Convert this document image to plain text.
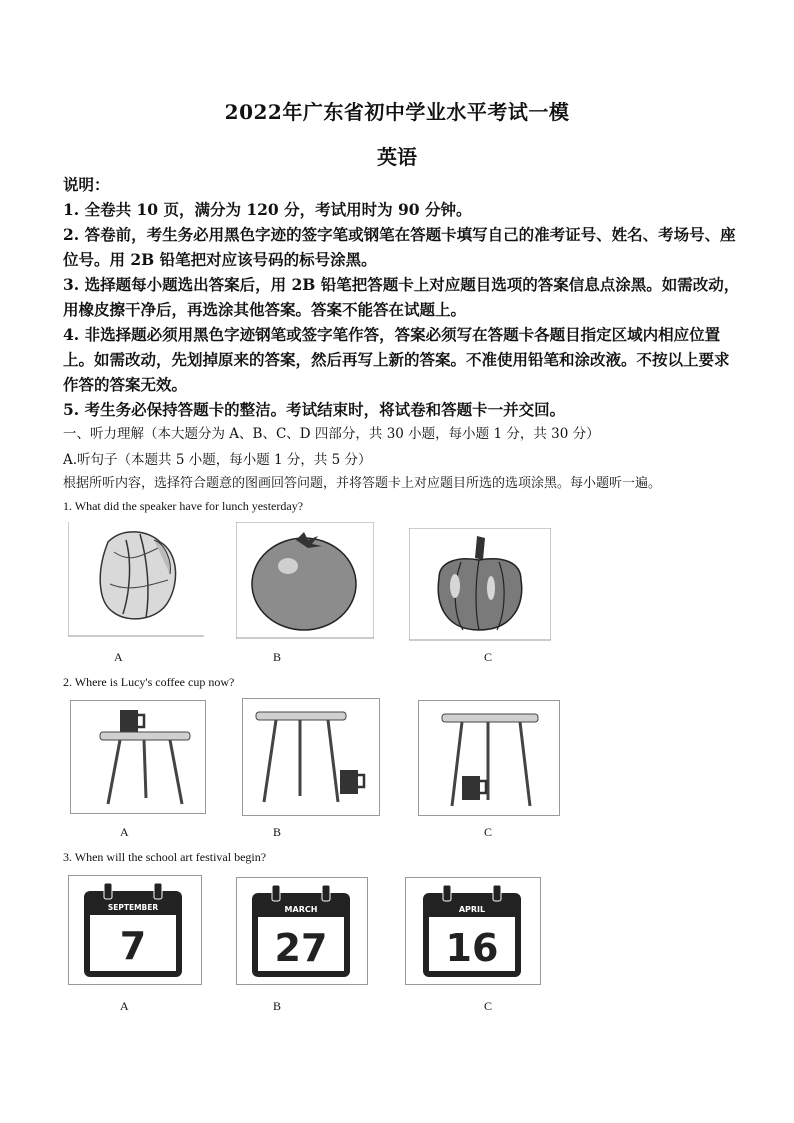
2022年广东省初中学业水平考试一模
英语

说明：

1. 全卷共 10 页，满分为 120 分，考试用时为 90 分钟。

2. 答卷前，考生务必用黑色字迹的签字笔或钢笔在答题卡填写自己的准考证号、姓名、考场号、座位号。用 2B 铅笔把对应该号码的标号涂黑。

3. 选择题每小题选出答案后，用 2B 铅笔把答题卡上对应题目选项的答案信息点涂黑。如需改动，用橡皮擦干净后，再选涂其他答案。答案不能答在试题上。

4. 非选择题必须用黑色字迹钢笔或签字笔作答，答案必须写在答题卡各题目指定区域内相应位置上。如需改动，先划掉原来的答案，然后再写上新的答案。不准使用铅笔和涂改液。不按以上要求作答的答案无效。

5. 考生务必保持答题卡的整洁。考试结束时，将试卷和答题卡一并交回。

一、听力理解（本大题分为 A、B、C、D 四部分，共 30 小题，每小题 1 分，共 30 分）
A.听句子（本题共 5 小题，每小题 1 分，共 5 分）
根据所听内容，选择符合题意的图画回答问题，并将答题卡上对应题目所选的选项涂黑。每小题听一遍。
1. What did the speaker have for lunch yesterday?
A	B	C
2. Where is Lucy's coffee cup now?
A	B	C
3. When will the school art festival begin?
SEPTEMBER
7
MARCH
27
APRIL
16
A	B	C
